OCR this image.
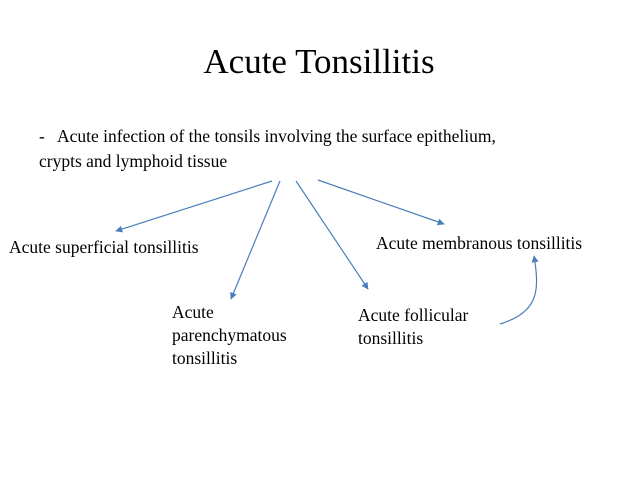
Acute Tonsillitis
- Acute infection of the tonsils involving the surface epithelium,
crypts and lymphoid tissue
Acute superficial tonsillitis
Acute
parenchymatous
tonsillitis
Acute follicular
tonsillitis
Acute membranous tonsillitis
